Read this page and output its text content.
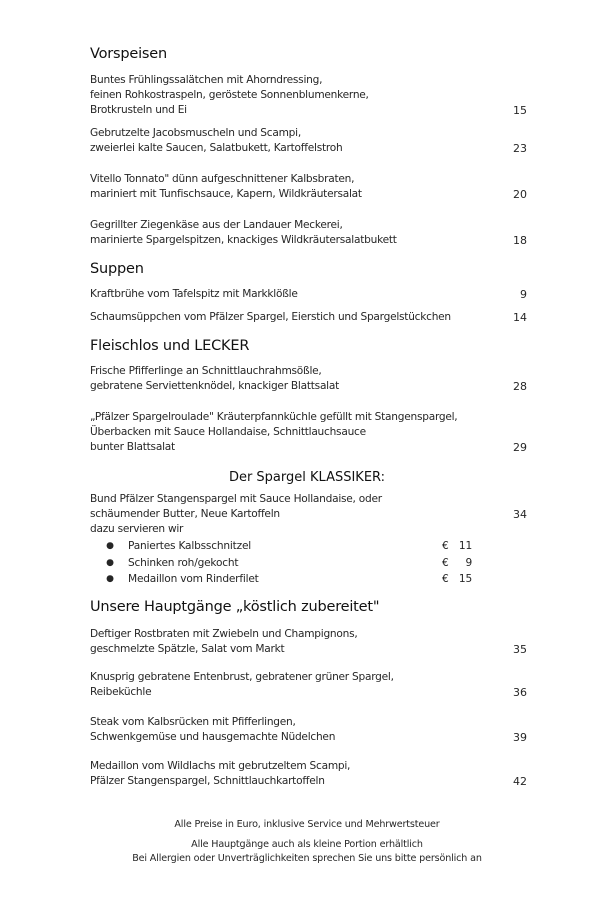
Vorspeisen
Buntes Frühlingssalätchen mit Ahorndressing,
feinen Rohkostraspeln, geröstete Sonnenblumenkerne,
Brotkrusteln und Ei	15
Gebrutzelte Jacobsmuscheln und Scampi,
zweierlei kalte Saucen, Salatbukett, Kartoffelstroh	23
Vitello Tonnato" dünn aufgeschnittener Kalbsbraten,
mariniert mit Tunfischsauce, Kapern, Wildkräutersalat	20
Gegrillter Ziegenkäse aus der Landauer Meckerei,
marinierte Spargelspitzen, knackiges Wildkräutersalatbukett	18
Suppen
Kraftbrühe vom Tafelspitz mit Markklößle	9
Schaumsüppchen vom Pfälzer Spargel, Eierstich und Spargelstückchen	14
Fleischlos und LECKER
Frische Pfifferlinge an Schnittlauchrahmsößle,
gebratene Serviettenknödel, knackiger Blattsalat	28
„Pfälzer Spargelroulade" Kräuterpfannküchle gefüllt mit Stangenspargel,
Überbacken mit Sauce Hollandaise, Schnittlauchsauce
bunter Blattsalat	29
Der Spargel KLASSIKER:
Bund Pfälzer Stangenspargel mit Sauce Hollandaise, oder
schäumender Butter, Neue Kartoffeln	34
dazu servieren wir
● Paniertes Kalbsschnitzel	€ 11
● Schinken roh/gekocht	€	9
● Medaillon vom Rinderfilet	€ 15
Unsere Hauptgänge „köstlich zubereitet"
Deftiger Rostbraten mit Zwiebeln und Champignons,
geschmelzte Spätzle, Salat vom Markt	35
Knusprig gebratene Entenbrust, gebratener grüner Spargel,
Reibeküchle	36
Steak vom Kalbsrücken mit Pfifferlingen,
Schwenkgemüse und hausgemachte Nüdelchen	39
Medaillon vom Wildlachs mit gebrutzeltem Scampi,
Pfälzer Stangenspargel, Schnittlauchkartoffeln	42
Alle Preise in Euro, inklusive Service und Mehrwertsteuer
Alle Hauptgänge auch als kleine Portion erhältlich
Bei Allergien oder Unverträglichkeiten sprechen Sie uns bitte persönlich an
